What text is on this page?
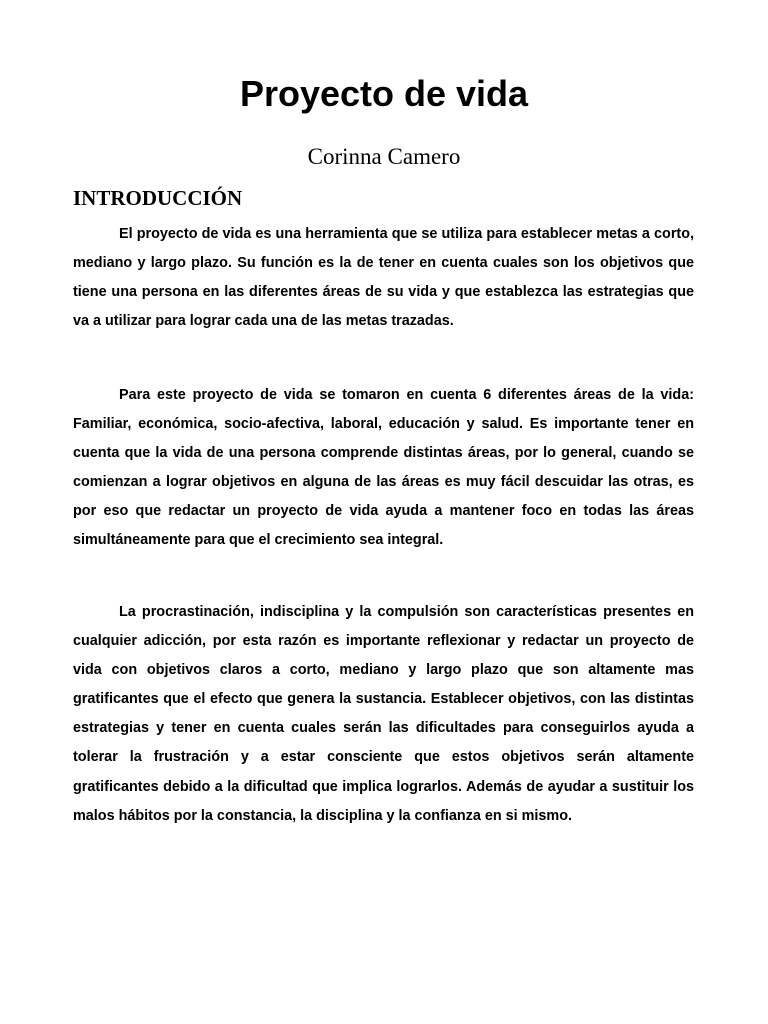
Proyecto de vida
Corinna Camero
INTRODUCCIÓN

El proyecto de vida es una herramienta que se utiliza para establecer metas a corto, mediano y largo plazo. Su función es la de tener en cuenta cuales son los objetivos que tiene una persona en las diferentes áreas de su vida y que establezca las estrategias que va a utilizar para lograr cada una de las metas trazadas.

Para este proyecto de vida se tomaron en cuenta 6 diferentes áreas de la vida: Familiar, económica, socio-afectiva, laboral, educación y salud. Es importante tener en cuenta que la vida de una persona comprende distintas áreas, por lo general, cuando se comienzan a lograr objetivos en alguna de las áreas es muy fácil descuidar las otras, es por eso que redactar un proyecto de vida ayuda a mantener foco en todas las áreas simultáneamente para que el crecimiento sea integral.

La procrastinación, indisciplina y la compulsión son características presentes en cualquier adicción, por esta razón es importante reflexionar y redactar un proyecto de vida con objetivos claros a corto, mediano y largo plazo que son altamente mas gratificantes que el efecto que genera la sustancia. Establecer objetivos, con las distintas estrategias y tener en cuenta cuales serán las dificultades para conseguirlos ayuda a tolerar la frustración y a estar consciente que estos objetivos serán altamente gratificantes debido a la dificultad que implica lograrlos. Además de ayudar a sustituir los malos hábitos por la constancia, la disciplina y la confianza en si mismo.
